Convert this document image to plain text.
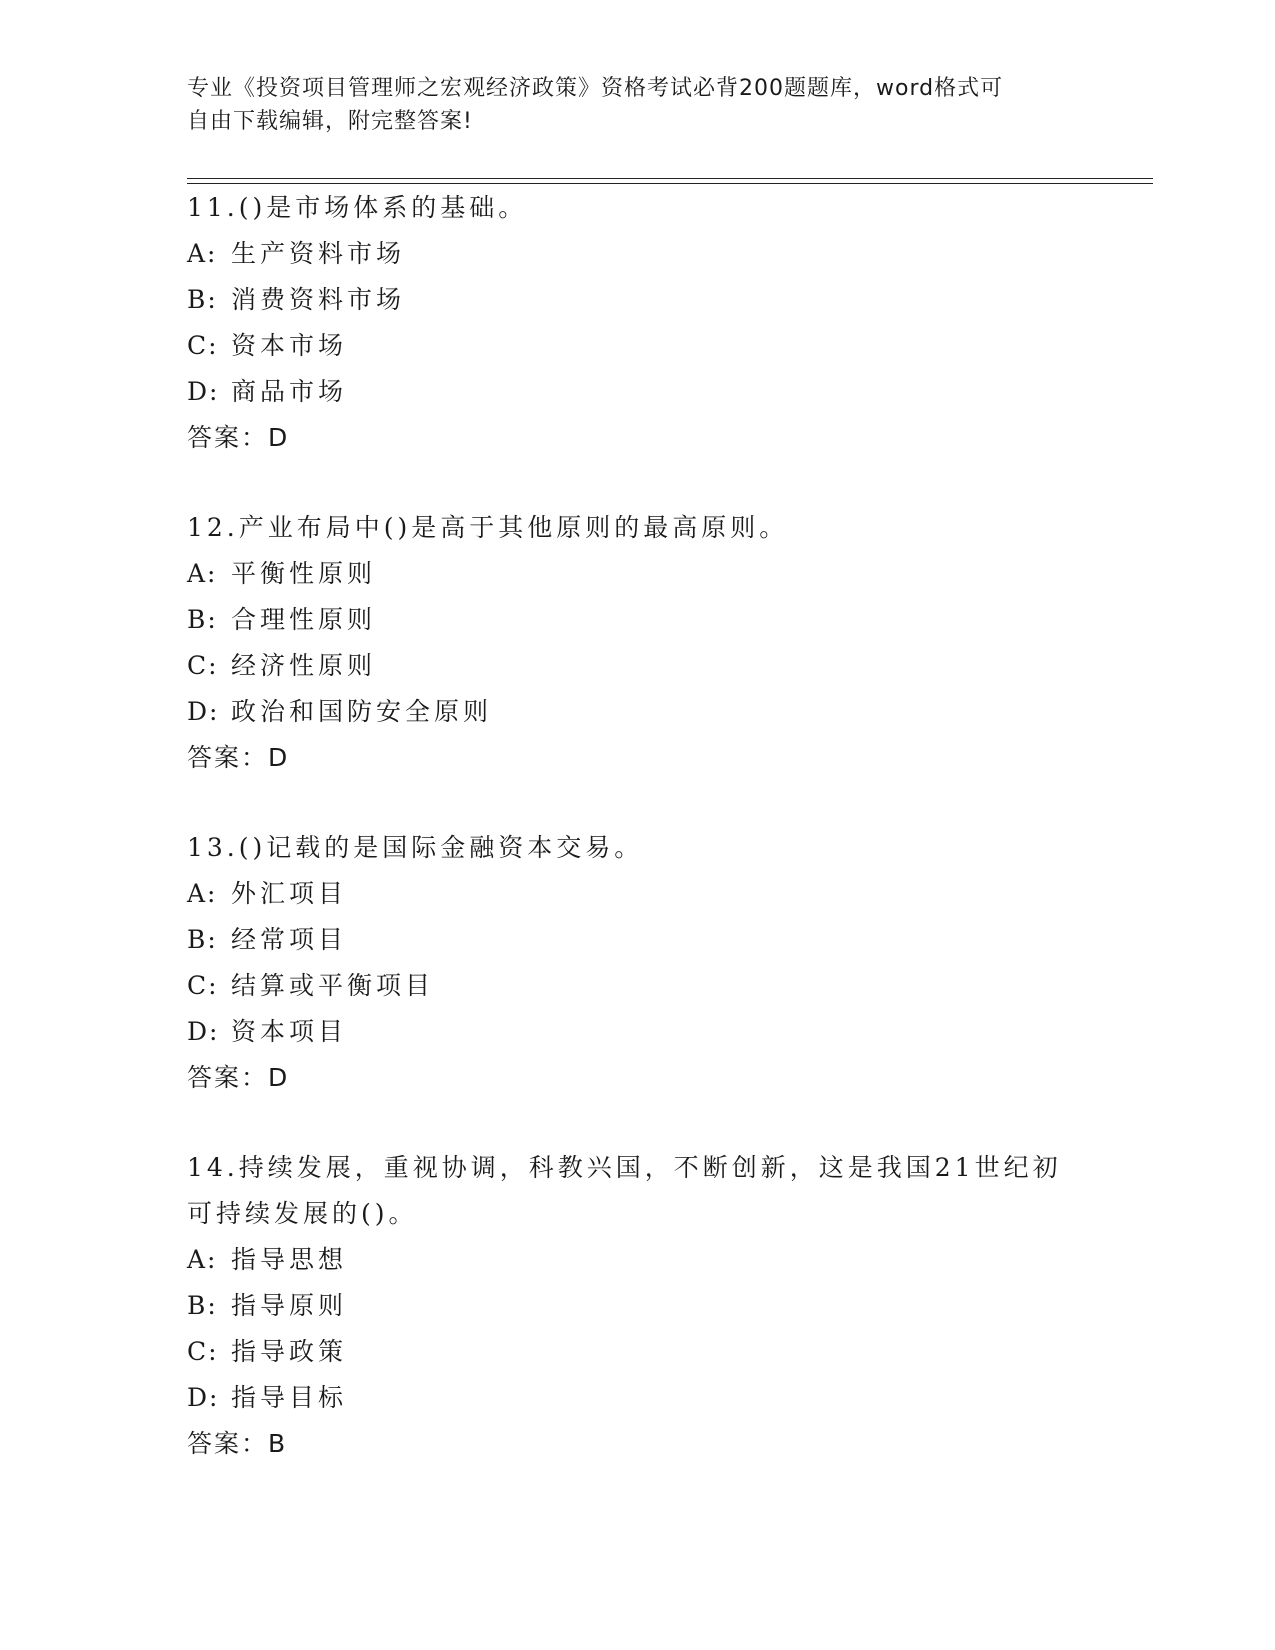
专业《投资项目管理师之宏观经济政策》资格考试必背200题题库，word格式可
自由下载编辑，附完整答案!
11.()是市场体系的基础。
A: 生产资料市场
B: 消费资料市场
C: 资本市场
D: 商品市场
答案：D
12.产业布局中()是高于其他原则的最高原则。
A: 平衡性原则
B: 合理性原则
C: 经济性原则
D: 政治和国防安全原则
答案：D
13.()记载的是国际金融资本交易。
A: 外汇项目
B: 经常项目
C: 结算或平衡项目
D: 资本项目
答案：D
14.持续发展，重视协调，科教兴国，不断创新，这是我国21世纪初
可持续发展的()。
A: 指导思想
B: 指导原则
C: 指导政策
D: 指导目标
答案：B
